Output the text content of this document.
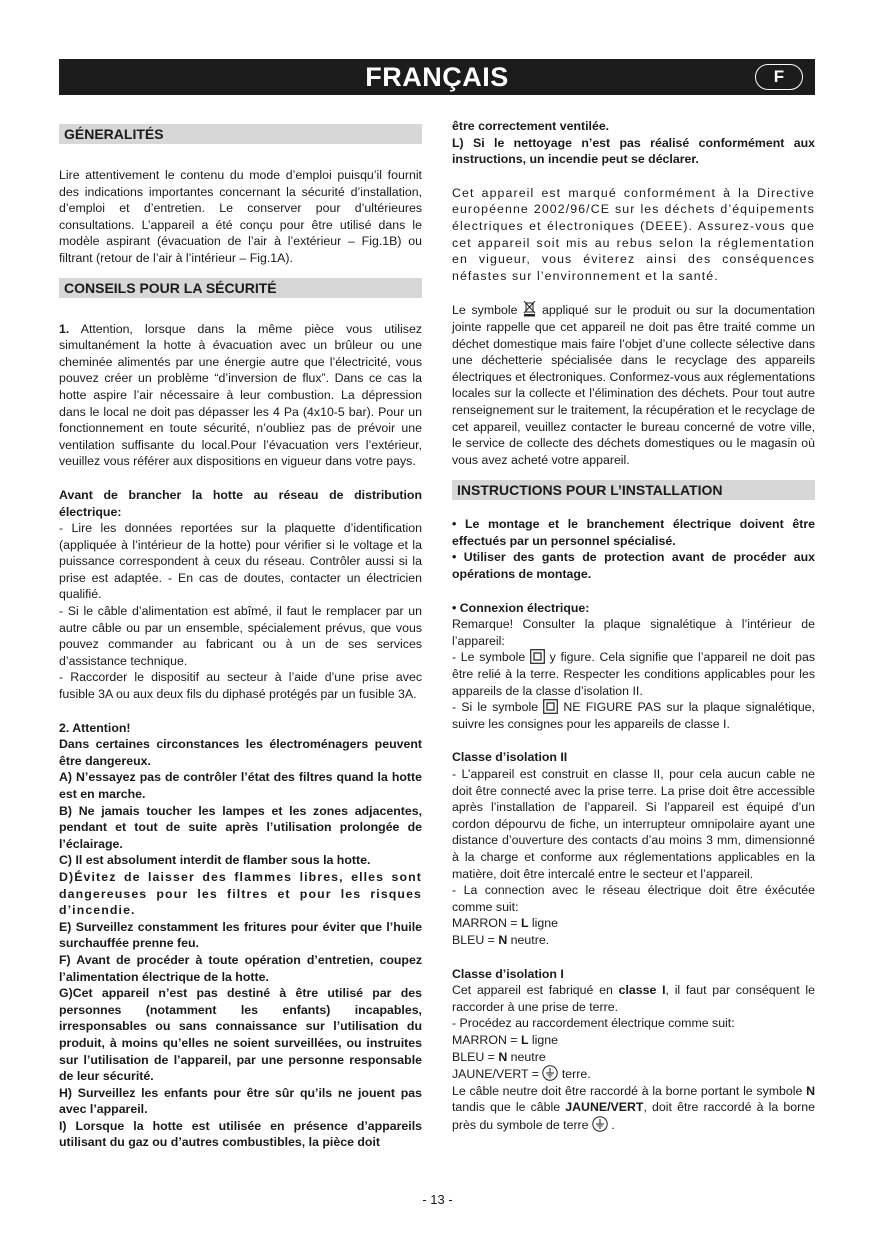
FRANÇAIS	F
GÉNERALITÉS

Lire attentivement le contenu du mode d’emploi puisqu’il fournit des indications importantes concernant la sécurité d’installation, d’emploi et d’entretien. Le conserver pour d’ultérieures consultations. L’appareil a été conçu pour être utilisé dans le modèle aspirant (évacuation de l’air à l’extérieur – Fig.1B) ou filtrant (retour de l’air à l’intérieur – Fig.1A).

CONSEILS POUR LA SÉCURITÉ

1. Attention, lorsque dans la même pièce vous utilisez simultanément la hotte à évacuation avec un brûleur ou une cheminée alimentés par une énergie autre que l’électricité, vous pouvez créer un problème “d’inversion de flux”. Dans ce cas la hotte aspire l’air nécessaire à leur combustion. La dépression dans le local ne doit pas dépasser les 4 Pa (4x10-5 bar). Pour un fonctionnement en toute sécurité, n’oubliez pas de prévoir une ventilation suffisante du local.Pour l’évacuation vers l’extérieur, veuillez vous référer aux dispositions en vigueur dans votre pays.

Avant de brancher la hotte au réseau de distribution électrique:

- Lire les données reportées sur la plaquette d’identification (appliquée à l’intérieur de la hotte) pour vérifier si le voltage et la puissance correspondent à ceux du réseau. Contrôler aussi si la prise est adaptée. - En cas de doutes, contacter un électricien qualifié.

- Si le câble d’alimentation est abîmé, il faut le remplacer par un autre câble ou par un ensemble, spécialement prévus, que vous pouvez commander au fabricant ou à un de ses services d’assistance technique.

- Raccorder le dispositif au secteur à l’aide d’une prise avec fusible 3A ou aux deux fils du diphasé protégés par un fusible 3A.

2. Attention!

Dans certaines circonstances les électroménagers peuvent être dangereux.

A) N’essayez pas de contrôler l’état des filtres quand la hotte est en marche.

B) Ne jamais toucher les lampes et les zones adjacentes, pendant et tout de suite après l’utilisation prolongée de l’éclairage.

C) Il est absolument interdit de flamber sous la hotte.

D)Évitez de laisser des flammes libres, elles sont dangereuses pour les filtres et pour les risques d’incendie.

E) Surveillez constamment les fritures pour éviter que l’huile surchauffée prenne feu.

F) Avant de procéder à toute opération d’entretien, coupez l’alimentation électrique de la hotte.

G)Cet appareil n’est pas destiné à être utilisé par des personnes (notamment les enfants) incapables, irresponsables ou sans connaissance sur l’utilisation du produit, à moins qu’elles ne soient surveillées, ou instruites sur l’utilisation de l’appareil, par une personne responsable de leur sécurité.

H) Surveillez les enfants pour être sûr qu’ils ne jouent pas avec l’appareil.

I) Lorsque la hotte est utilisée en présence d’appareils utilisant du gaz ou d’autres combustibles, la pièce doit

être correctement ventilée.

L) Si le nettoyage n’est pas réalisé conformément aux instructions, un incendie peut se déclarer.

Cet appareil est marqué conformément à la Directive européenne 2002/96/CE sur les déchets d’équipements électriques et électroniques (DEEE). Assurez-vous que cet appareil soit mis au rebus selon la réglementation en vigueur, vous éviterez ainsi des conséquences néfastes sur l’environnement et la santé.

Le symbole  appliqué sur le produit ou sur la documentation jointe rappelle que cet appareil ne doit pas être traité comme un déchet domestique mais faire l’objet d’une collecte sélective dans une déchetterie spécialisée dans le recyclage des appareils électriques et électroniques. Conformez-vous aux réglementations locales sur la collecte et l’élimination des déchets. Pour tout autre renseignement sur le traitement, la récupération et le recyclage de cet appareil, veuillez contacter le bureau concerné de votre ville, le service de collecte des déchets domestiques ou le magasin où vous avez acheté votre appareil.

INSTRUCTIONS POUR L’INSTALLATION

• Le montage et le branchement électrique doivent être effectués par un personnel spécialisé.

• Utiliser des gants de protection avant de procéder aux opérations de montage.

• Connexion électrique:

Remarque! Consulter la plaque signalétique à l’intérieur de l’appareil:

- Le symbole  y figure. Cela signifie que l’appareil ne doit pas être relié à la terre. Respecter les conditions applicables pour les appareils de la classe d’isolation II.

- Si le symbole  NE FIGURE PAS sur la plaque signalétique, suivre les consignes pour les appareils de classe I.

Classe d’isolation II

- L’appareil est construit en classe II, pour cela aucun cable ne doit être connecté avec la prise terre. La prise doit être accessible après l’installation de l’appareil. Si l’appareil est équipé d’un cordon dépourvu de fiche, un interrupteur omnipolaire ayant une distance d’ouverture des contacts d’au moins 3 mm, dimensionné à la charge et conforme aux réglementations applicables en la matière, doit être intercalé entre le secteur et l’appareil.

- La connection avec le réseau électrique doit être éxécutée comme suit:

MARRON = L ligne

BLEU = N neutre.

Classe d’isolation I

Cet appareil est fabriqué en classe I, il faut par conséquent le raccorder à une prise de terre.

- Procédez au raccordement électrique comme suit:

MARRON = L ligne

BLEU = N neutre

JAUNE/VERT =  terre.

Le câble neutre doit être raccordé à la borne portant le symbole N tandis que le câble JAUNE/VERT, doit être raccordé à la borne près du symbole de terre  .

- 13 -
